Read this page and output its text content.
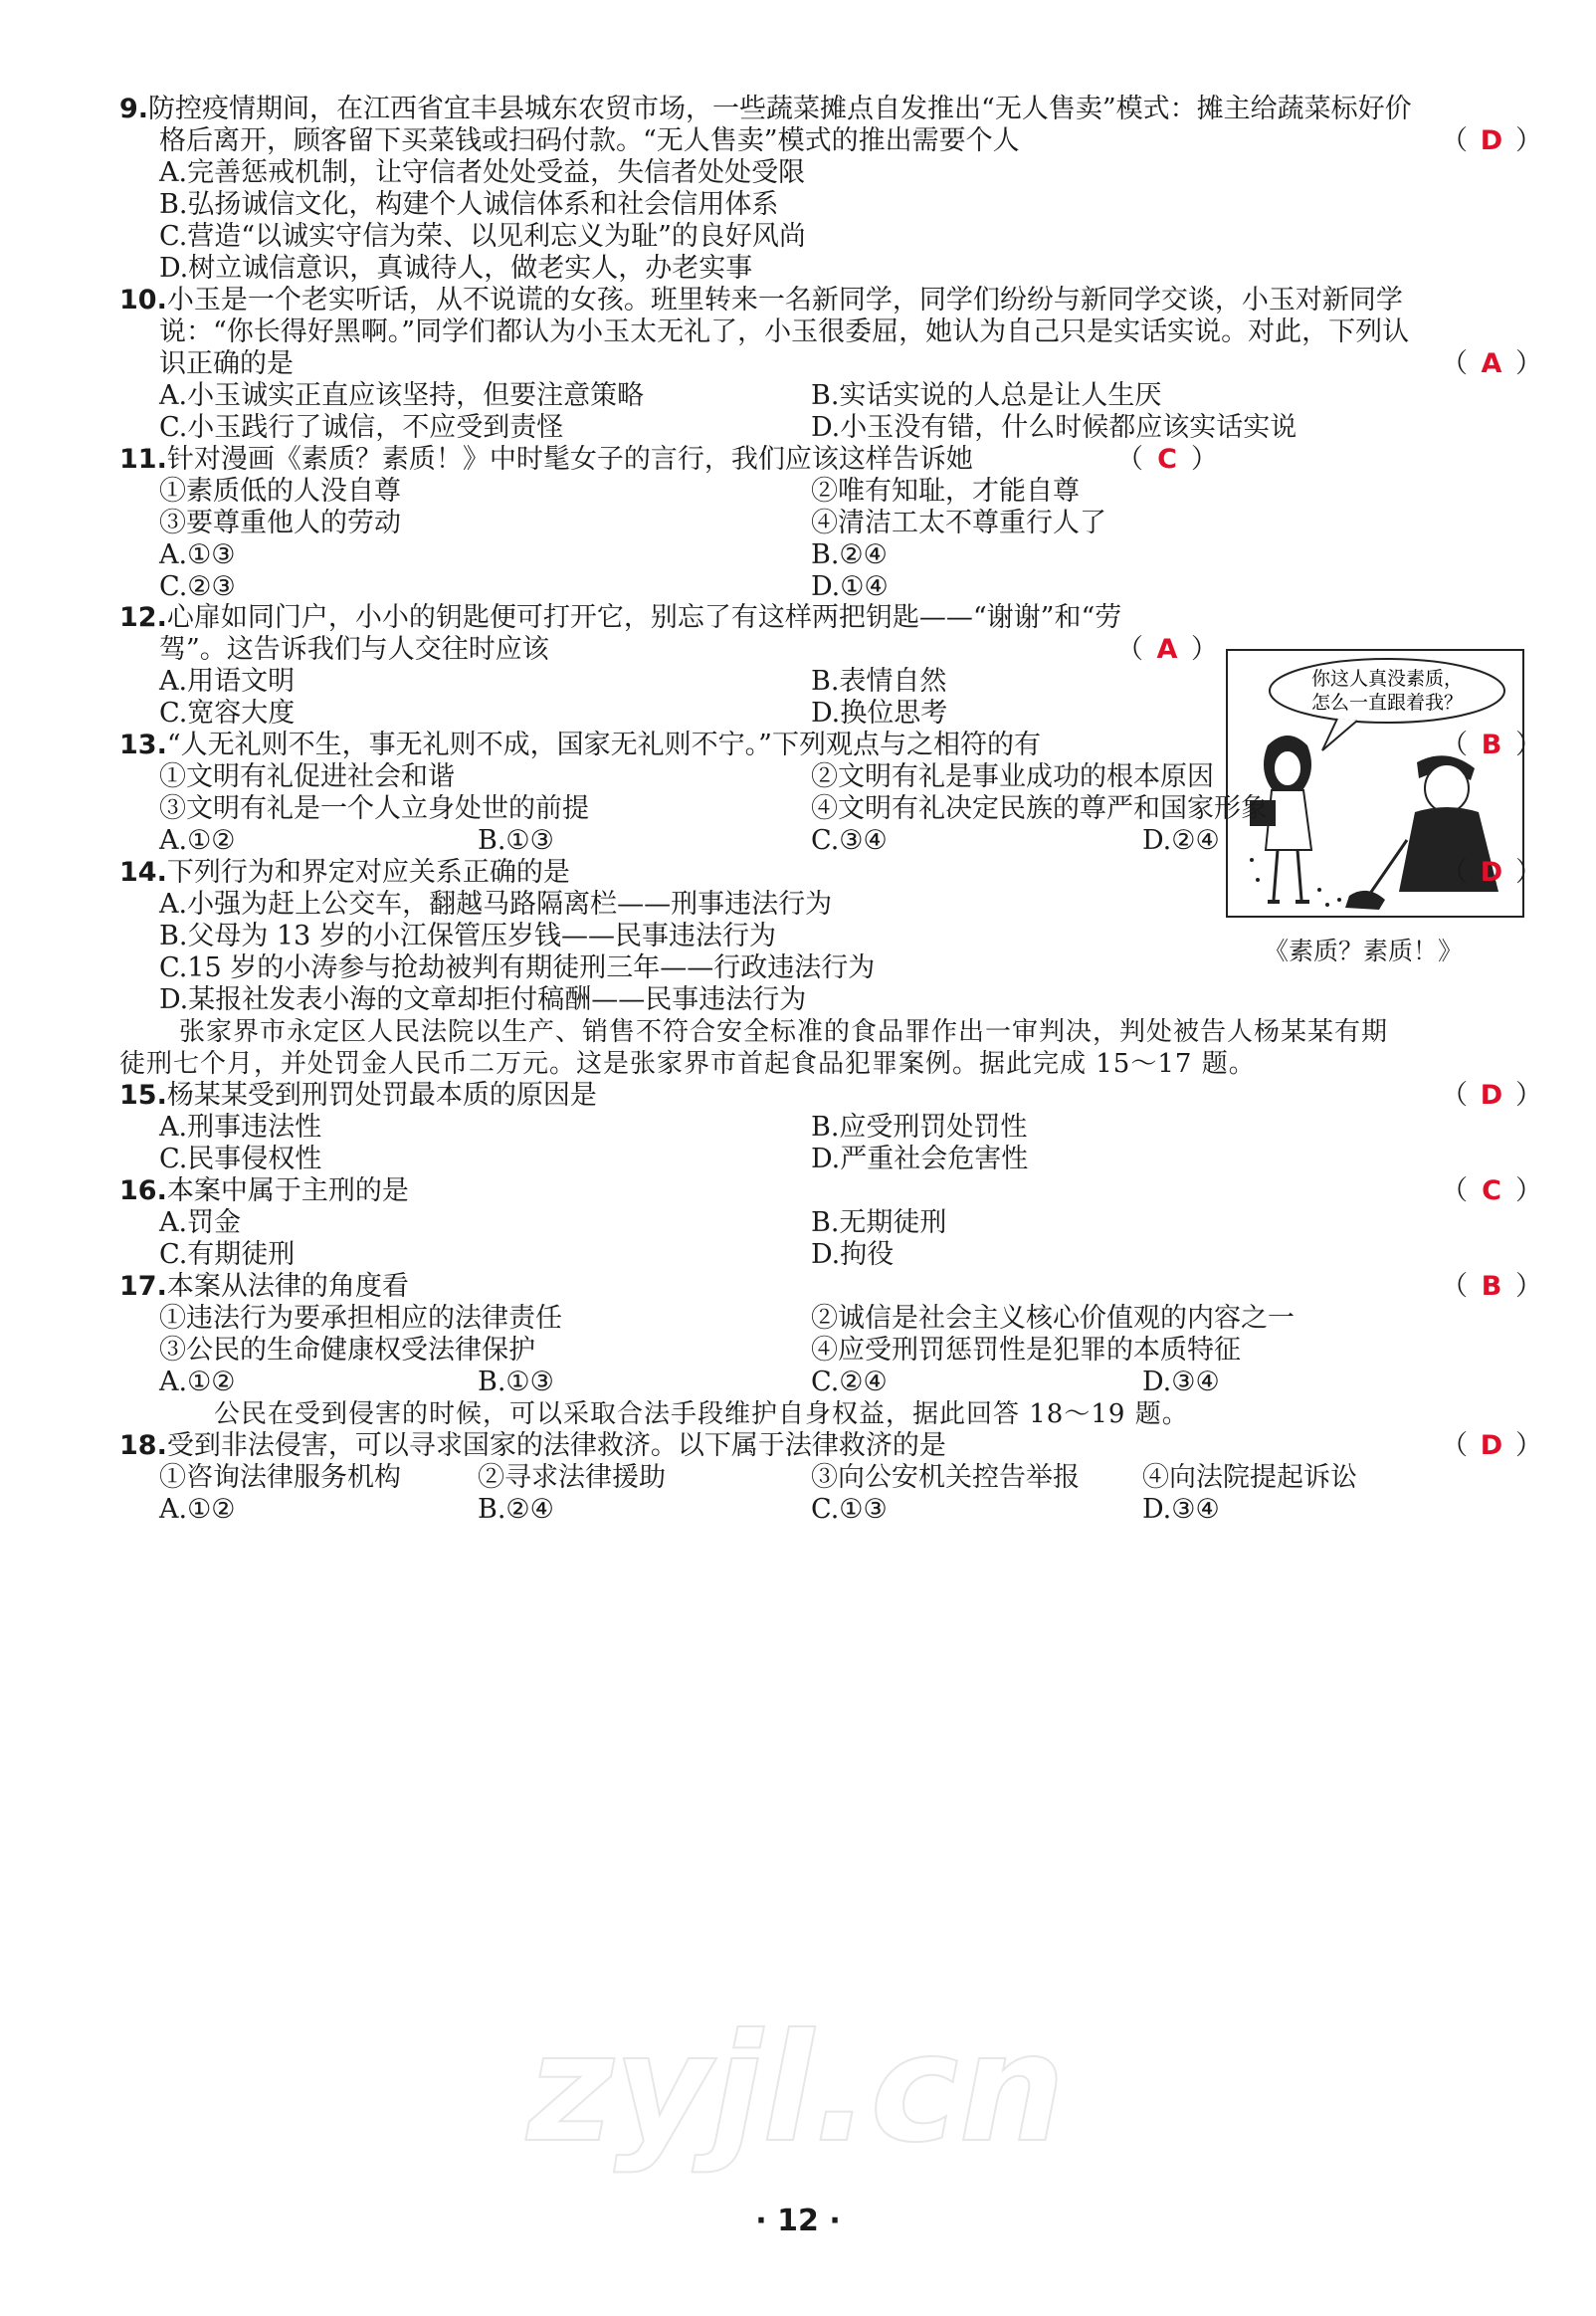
9.防控疫情期间，在江西省宜丰县城东农贸市场，一些蔬菜摊点自发推出“无人售卖”模式：摊主给蔬菜标好价
格后离开，顾客留下买菜钱或扫码付款。“无人售卖”模式的推出需要个人	（ D ）
A.完善惩戒机制，让守信者处处受益，失信者处处受限
B.弘扬诚信文化，构建个人诚信体系和社会信用体系
C.营造“以诚实守信为荣、以见利忘义为耻”的良好风尚
D.树立诚信意识，真诚待人，做老实人，办老实事
10.小玉是一个老实听话，从不说谎的女孩。班里转来一名新同学，同学们纷纷与新同学交谈，小玉对新同学
说：“你长得好黑啊。”同学们都认为小玉太无礼了，小玉很委屈，她认为自己只是实话实说。对此，下列认
识正确的是	（ A ）
A.小玉诚实正直应该坚持，但要注意策略	B.实话实说的人总是让人生厌
C.小玉践行了诚信，不应受到责怪	D.小玉没有错，什么时候都应该实话实说
11.针对漫画《素质？素质！》中时髦女子的言行，我们应该这样告诉她	（ C ）
①素质低的人没自尊	②唯有知耻，才能自尊
③要尊重他人的劳动	④清洁工太不尊重行人了
A.①③	B.②④
C.②③	D.①④
你这人真没素质，
怎么一直跟着我？
《素质？素质！》
12.心扉如同门户，小小的钥匙便可打开它，别忘了有这样两把钥匙——“谢谢”和“劳
驾”。这告诉我们与人交往时应该	（ A ）
A.用语文明	B.表情自然
C.宽容大度	D.换位思考
13.“人无礼则不生，事无礼则不成，国家无礼则不宁。”下列观点与之相符的有	（ B ）
①文明有礼促进社会和谐	②文明有礼是事业成功的根本原因
③文明有礼是一个人立身处世的前提	④文明有礼决定民族的尊严和国家形象
A.①②	B.①③	C.③④	D.②④
14.下列行为和界定对应关系正确的是	（ D ）
A.小强为赶上公交车，翻越马路隔离栏——刑事违法行为
B.父母为 13 岁的小江保管压岁钱——民事违法行为
C.15 岁的小涛参与抢劫被判有期徒刑三年——行政违法行为
D.某报社发表小海的文章却拒付稿酬——民事违法行为
张家界市永定区人民法院以生产、销售不符合安全标准的食品罪作出一审判决，判处被告人杨某某有期
徒刑七个月，并处罚金人民币二万元。这是张家界市首起食品犯罪案例。据此完成 15～17 题。
15.杨某某受到刑罚处罚最本质的原因是	（ D ）
A.刑事违法性	B.应受刑罚处罚性
C.民事侵权性	D.严重社会危害性
16.本案中属于主刑的是	（ C ）
A.罚金	B.无期徒刑
C.有期徒刑	D.拘役
17.本案从法律的角度看	（ B ）
①违法行为要承担相应的法律责任	②诚信是社会主义核心价值观的内容之一
③公民的生命健康权受法律保护	④应受刑罚惩罚性是犯罪的本质特征
A.①②	B.①③	C.②④	D.③④
公民在受到侵害的时候，可以采取合法手段维护自身权益，据此回答 18～19 题。
18.受到非法侵害，可以寻求国家的法律救济。以下属于法律救济的是	（ D ）
①咨询法律服务机构	②寻求法律援助	③向公安机关控告举报 ④向法院提起诉讼
A.①②	B.②④	C.①③	D.③④
zyjl.cn
· 12 ·
